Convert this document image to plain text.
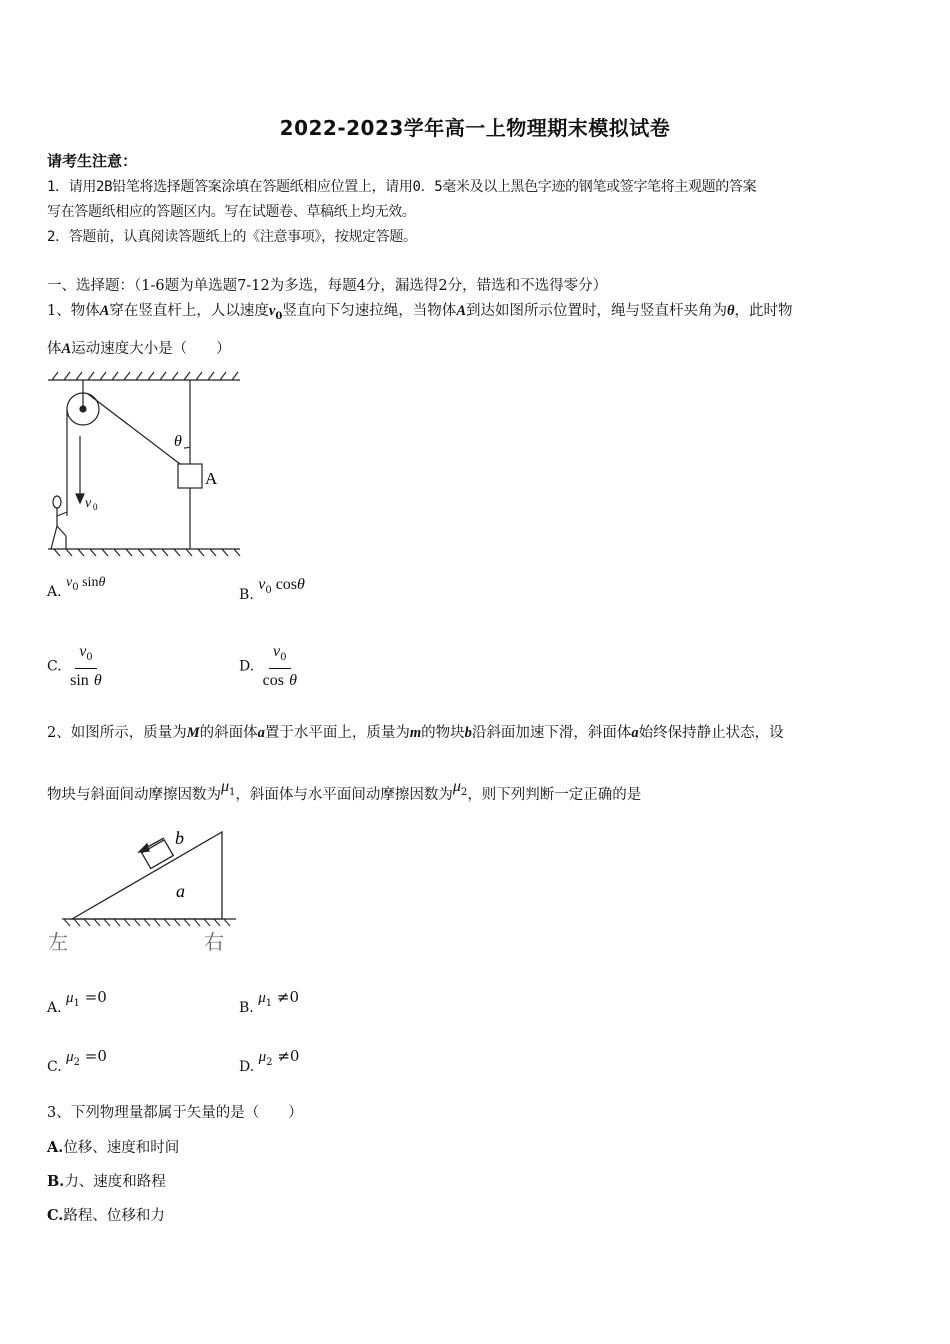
2022-2023学年高一上物理期末模拟试卷
请考生注意：
1．请用2B铅笔将选择题答案涂填在答题纸相应位置上，请用0．5毫米及以上黑色字迹的钢笔或签字笔将主观题的答案
写在答题纸相应的答题区内。写在试题卷、草稿纸上均无效。
2．答题前，认真阅读答题纸上的《注意事项》，按规定答题。
一、选择题：（1-6题为单选题7-12为多选，每题4分，漏选得2分，错选和不选得零分）
1、物体A穿在竖直杆上，人以速度$v_0$竖直向下匀速拉绳，当物体A到达如图所示位置时，绳与竖直杆夹角为θ，此时物
体A运动速度大小是（　　）
θ
A
v 0
A. $v_0$ sinθ
B. $v_0$ cosθ
C. $\frac{v_0}{\text{sin θ}}$	D. $\frac{v_0}{\text{cos θ}}$
2、如图所示，质量为M的斜面体a置于水平面上，质量为m的物块b沿斜面加速下滑，斜面体a始终保持静止状态，设
物块与斜面间动摩擦因数为$\mu_1$，斜面体与水平面间动摩擦因数为$\mu_2$，则下列判断一定正确的是
b
a
左	右
A. $\mu_1 =0$
B. $\mu_1 \ne 0$
C. $\mu_2 =0$
D. $\mu_2 \ne 0$
3、下列物理量都属于矢量的是（　　）
A.位移、速度和时间
B.力、速度和路程
C.路程、位移和力
